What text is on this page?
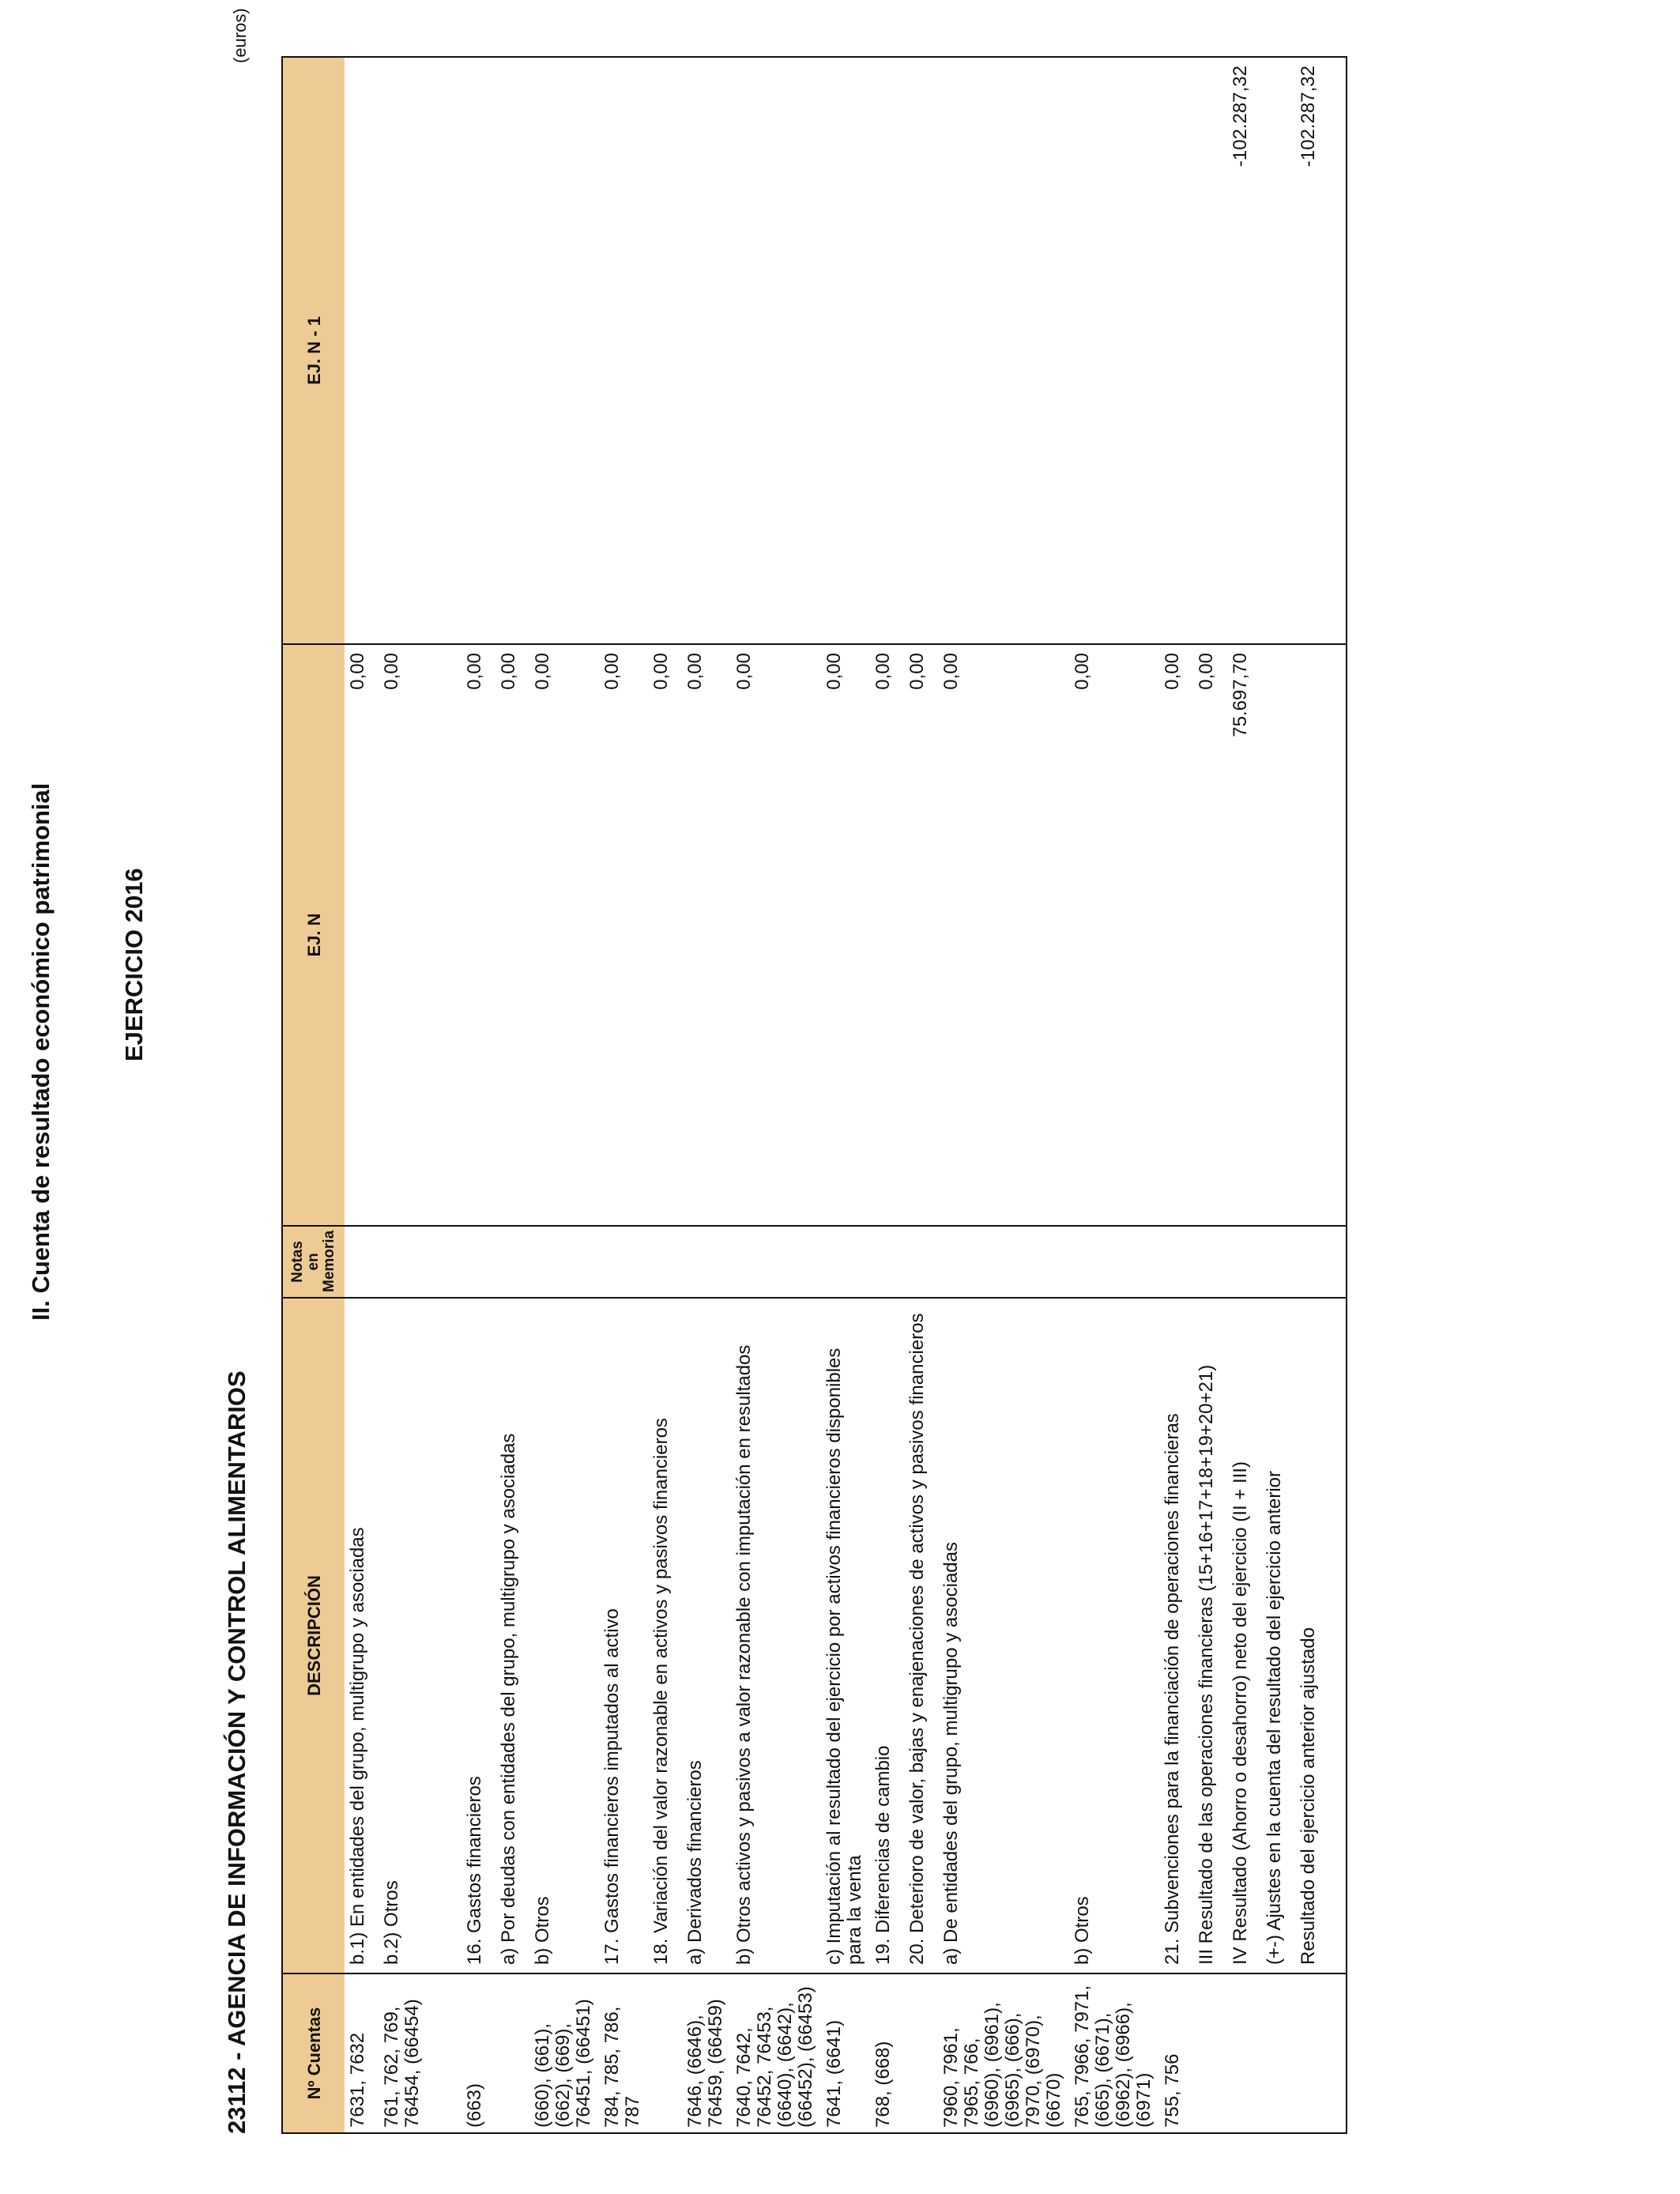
II. Cuenta de resultado económico patrimonial	EJERCICIO 2016
23112 - AGENCIA DE INFORMACIÓN Y CONTROL ALIMENTARIOS
(euros)
Nº Cuentas	DESCRIPCIÓN	Notas en Memoria	EJ. N	EJ. N - 1
7631, 7632	b.1) En entidades del grupo, multigrupo y asociadas		0,00	
761, 762, 769, 76454, (66454)	b.2) Otros		0,00	

(663)	16. Gastos financieros		0,00	
	a) Por deudas con entidades del grupo, multigrupo y asociadas		0,00	
(660), (661), (662), (669), 76451, (66451)	b) Otros		0,00	
784, 785, 786, 787	17. Gastos financieros imputados al activo		0,00	
	18. Variación del valor razonable en activos y pasivos financieros		0,00	
7646, (6646), 76459, (66459)	a) Derivados financieros		0,00	
7640, 7642, 76452, 76453, (6640), (6642), (66452), (66453)	b) Otros activos y pasivos a valor razonable con imputación en resultados		0,00	
7641, (6641)	c) Imputación al resultado del ejercicio por activos financieros disponibles para la venta		0,00	
768, (668)	19. Diferencias de cambio		0,00	
	20. Deterioro de valor, bajas y enajenaciones de activos y pasivos financieros		0,00	
7960, 7961, 7965, 766, (6960), (6961), (6965), (666), 7970, (6970), (6670)	a) De entidades del grupo, multigrupo y asociadas		0,00	
765, 7966, 7971, (665), (6671), (6962), (6966), (6971)	b) Otros		0,00	
755, 756	21. Subvenciones para la financiación de operaciones financieras		0,00	
	III Resultado de las operaciones financieras (15+16+17+18+19+20+21)		0,00	
	IV Resultado (Ahorro o desahorro) neto del ejercicio (II + III)		75.697,70	-102.287,32
	(+-) Ajustes en la cuenta del resultado del ejercicio anterior			
	Resultado del ejercicio anterior ajustado			-102.287,32
